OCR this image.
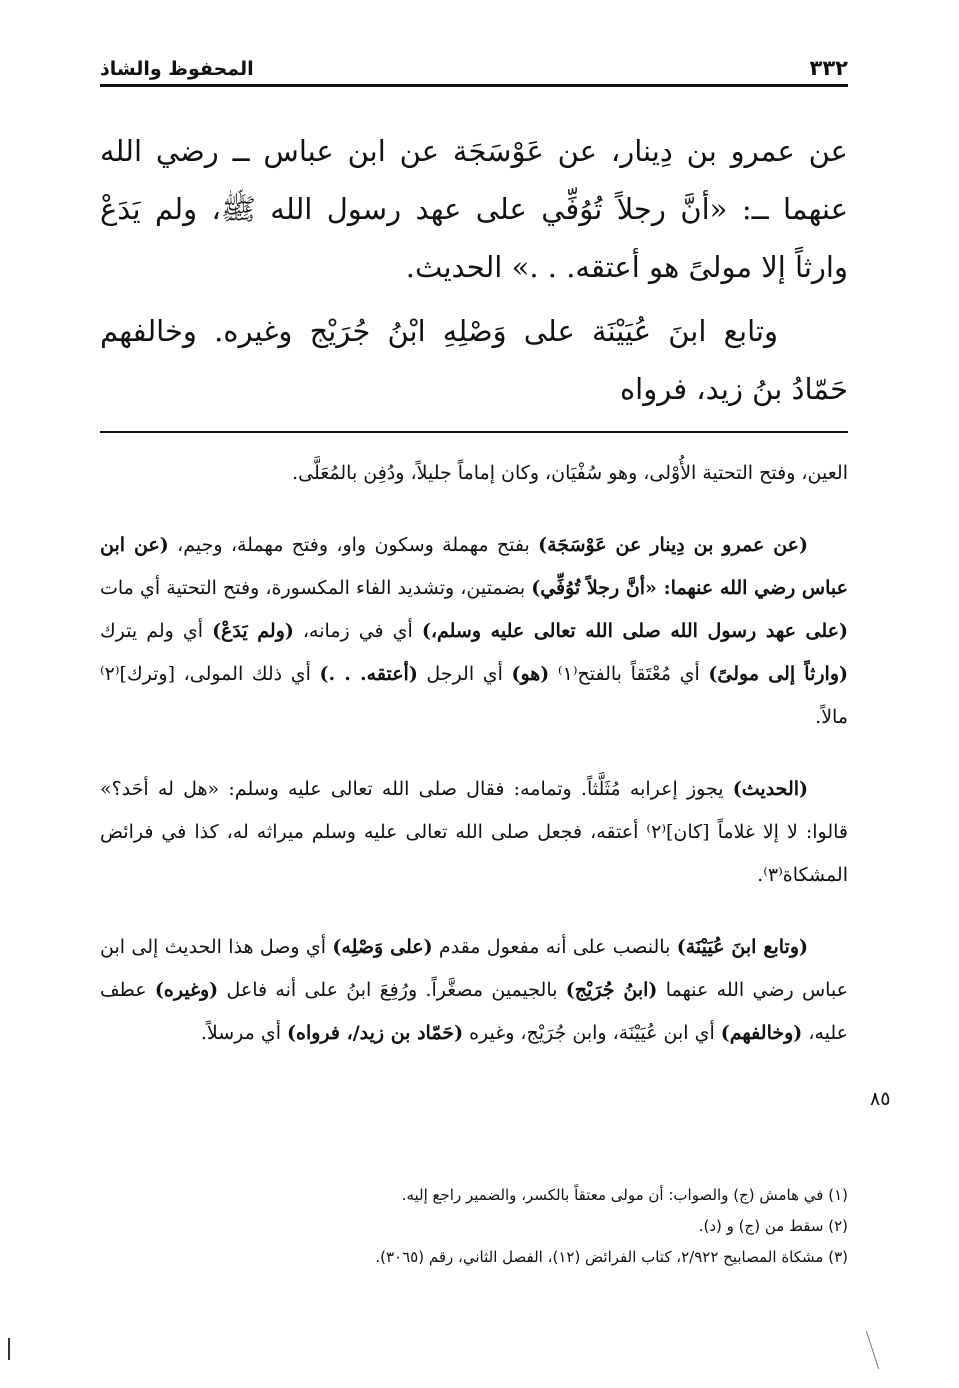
٣٣٢
المحفوظ والشاذ

عن عمرو بن دِينار، عن عَوْسَجَة عن ابن عباس ــ رضي الله عنهما ــ: «أنَّ رجلاً تُوُفِّي على عهد رسول الله ﷺ، ولم يَدَعْ وارثاً إلا مولىً هو أعتقه. . .» الحديث.

وتابع ابنَ عُيَيْنَة على وَصْلِهِ ابْنُ جُرَيْج وغيره. وخالفهم حَمّادُ بنُ زيد، فرواه

العين، وفتح التحتية الأُوْلى، وهو سُفْيَان، وكان إماماً جليلاً، ودُفِن بالمُعَلَّى.

(عن عمرو بن دِينار عن عَوْسَجَة) بفتح مهملة وسكون واو، وفتح مهملة، وجيم، (عن ابن عباس رضي الله عنهما: «أنَّ رجلاً تُوُفِّي) بضمتين، وتشديد الفاء المكسورة، وفتح التحتية أي مات (على عهد رسول الله صلى الله تعالى عليه وسلم،) أي في زمانه، (ولم يَدَعْ) أي ولم يترك (وارثاً إلى مولىً) أي مُعْتَقاً بالفتح⁽١⁾ (هو) أي الرجل (أعتقه. . .) أي ذلك المولى، [وترك]⁽٢⁾ مالاً.

(الحديث) يجوز إعرابه مُثَلَّثاً. وتمامه: فقال صلى الله تعالى عليه وسلم: «هل له أحَد؟» قالوا: لا إلا غلاماً [كان]⁽٢⁾ أعتقه، فجعل صلى الله تعالى عليه وسلم ميراثه له، كذا في فرائض المشكاة⁽٣⁾.

(وتابع ابنَ عُيَيْنَة) بالنصب على أنه مفعول مقدم (على وَصْلِه) أي وصل هذا الحديث إلى ابن عباس رضي الله عنهما (ابنُ جُرَيْج) بالجيمين مصغَّراً. ورُفِعَ ابنُ على أنه فاعل (وغيره) عطف عليه، (وخالفهم) أي ابن عُيَيْنَة، وابن جُرَيْج، وغيره (حَمّاد بن زيد/، فرواه) أي مرسلاً.

٨٥

(١) في هامش (ج) والصواب: أن مولى معتقاً بالكسر، والضمير راجع إليه.

(٢) سقط من (ج) و (د).

(٣) مشكاة المصابيح ٢/٩٢٢، كتاب الفرائض (١٢)، الفصل الثاني، رقم (٣٠٦٥).
